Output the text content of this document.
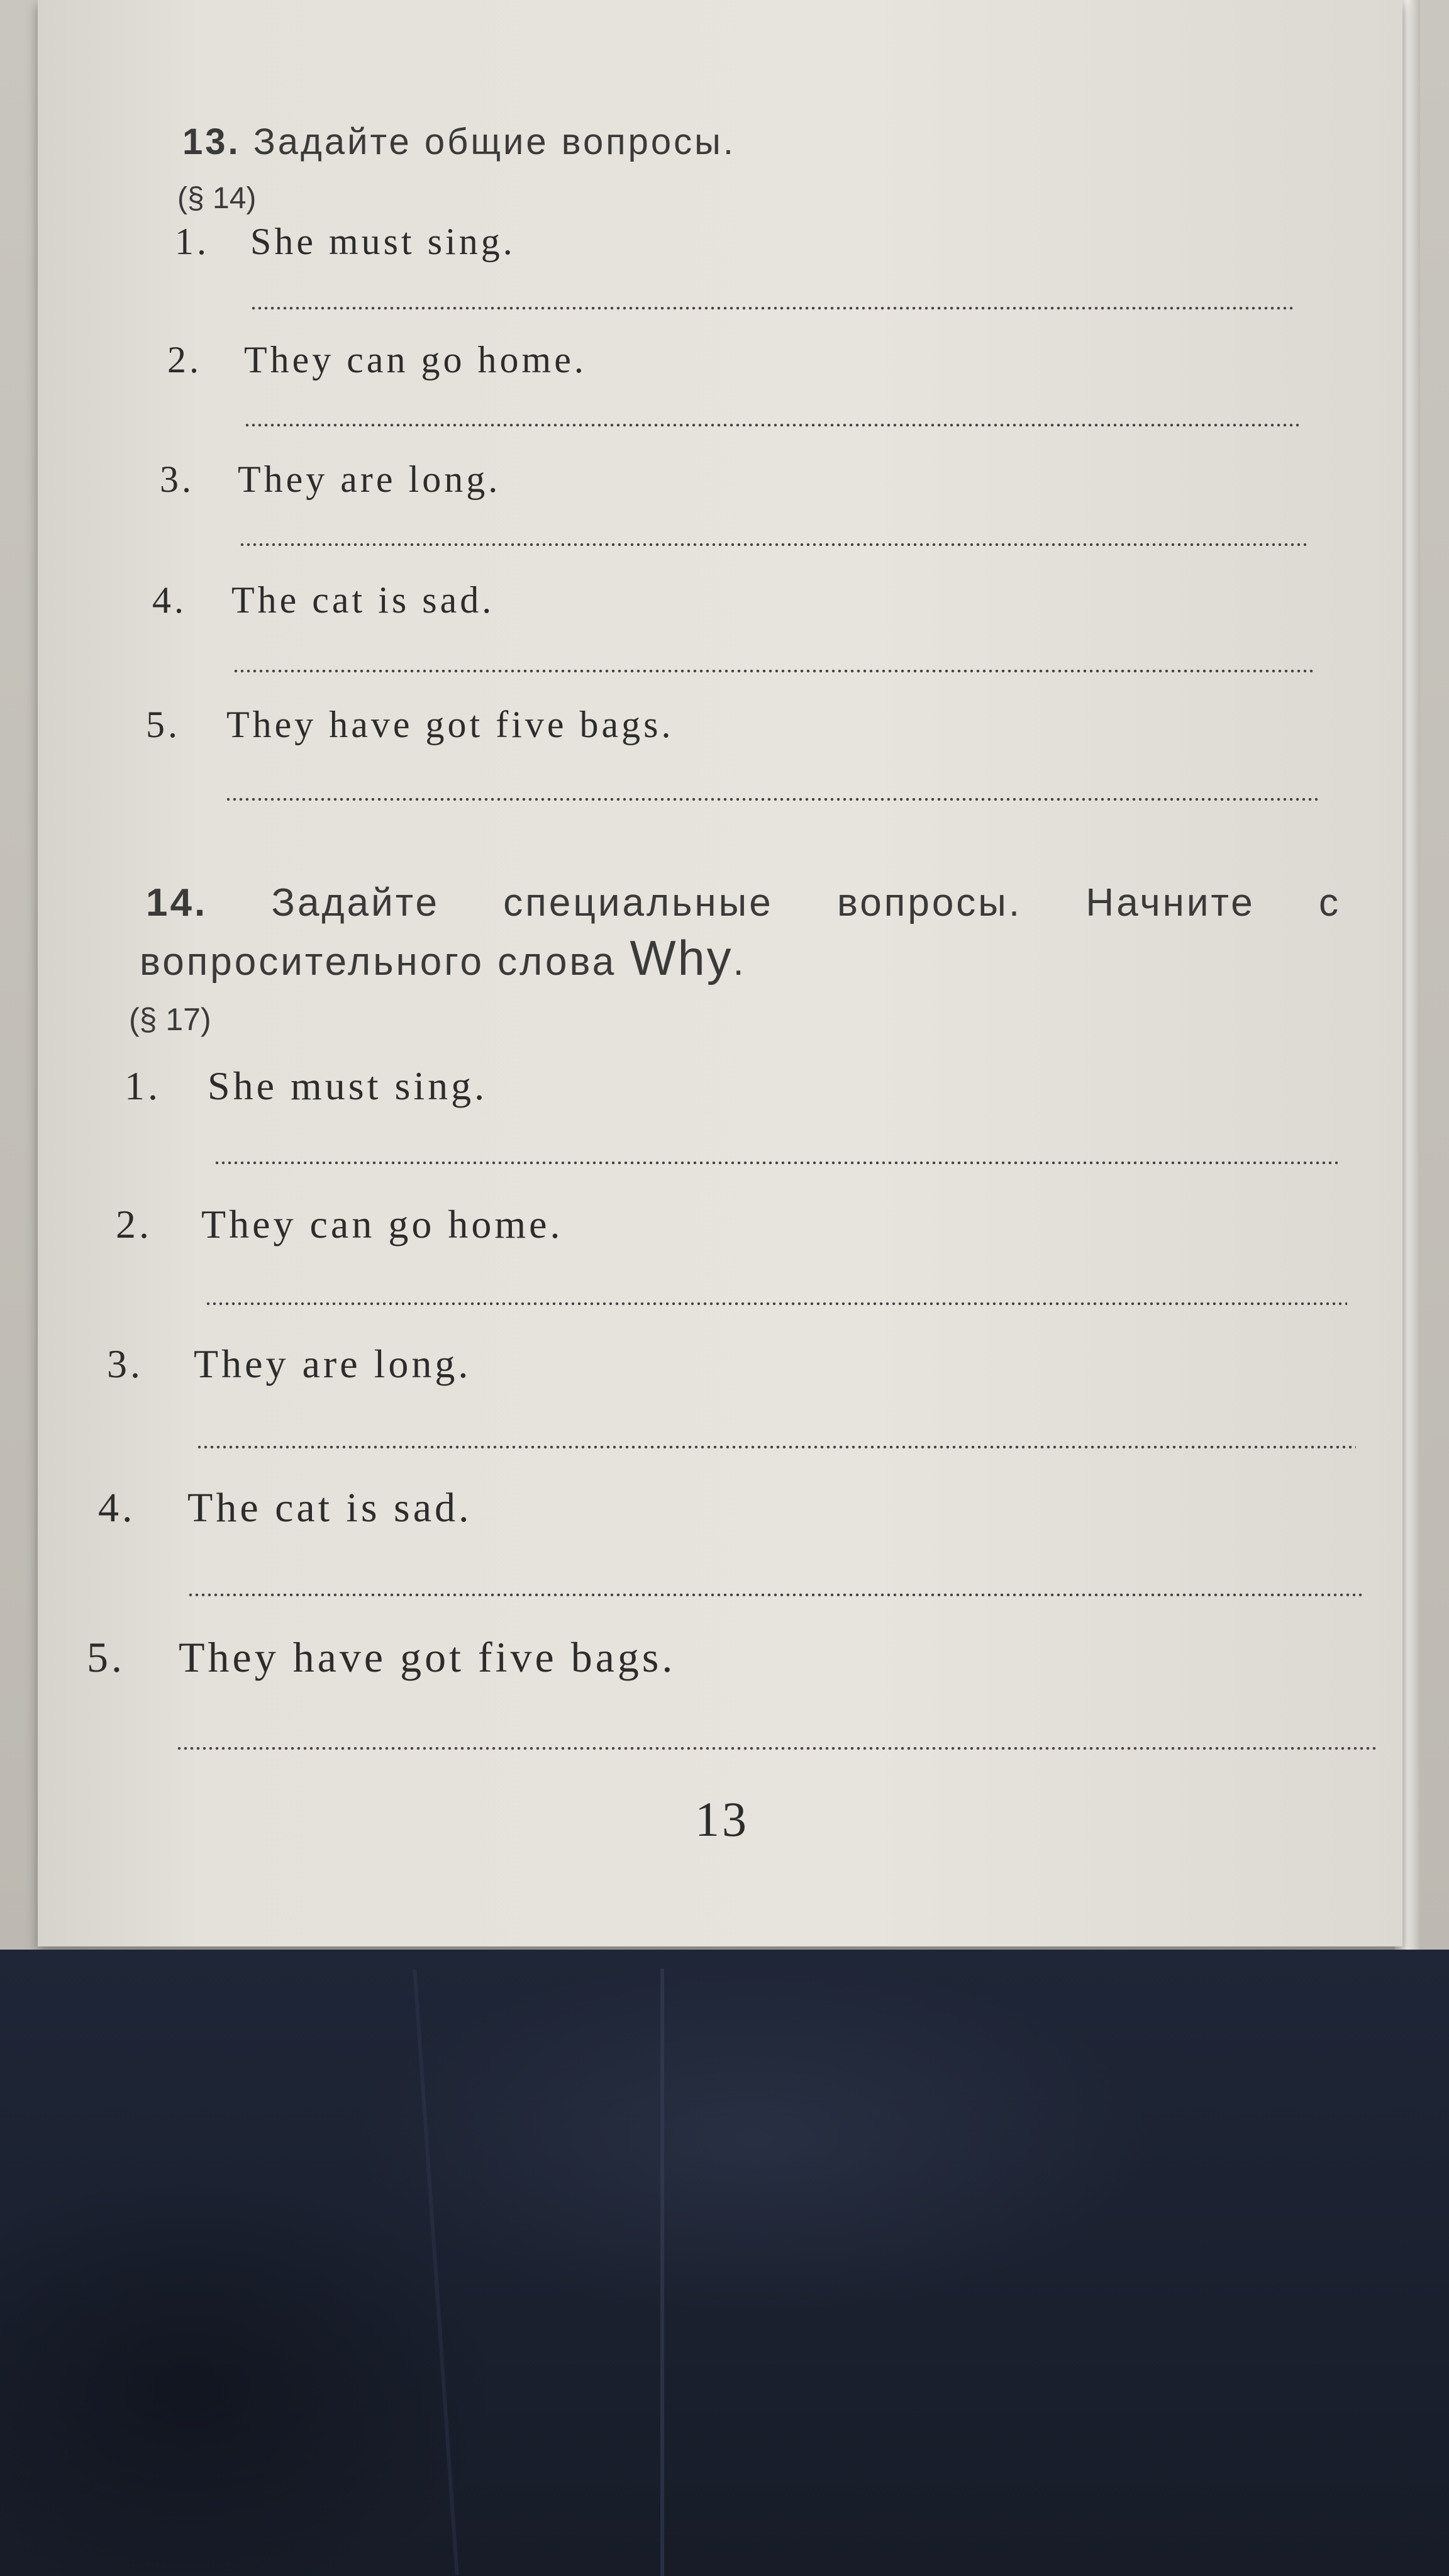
13. Задайте общие вопросы.
(§ 14)
1. She must sing.
2. They can go home.
3. They are long.
4. The cat is sad.
5. They have got five bags.
14. Задайте специальные вопросы. Начните с
вопросительного слова Why.
(§ 17)
1. She must sing.
2. They can go home.
3. They are long.
4. The cat is sad.
5. They have got five bags.
13
